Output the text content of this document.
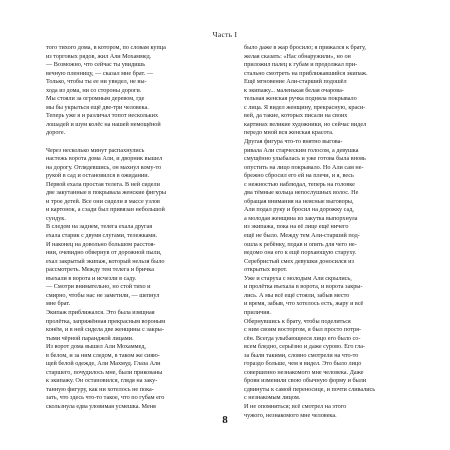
Часть I
того тихого дома, в котором, по словам купца
из торговых рядов, жил Али Мохаммед.
— Возможно, что сейчас ты увидишь
вечную пленницу, — сказал мне брат. —
Только, чтобы ты ее ни увидел, не вы-
хода из дома, ни со стороны дороги.
Мы стояли за огромным деревом, где
мы бы укрыться ещё две-три человека.
Теперь уже я и различал топот нескольких
лошадей и шум колёс на нашей немощёной
дороге.
Через несколько минут распахнулись
настежь ворота дома Али, и дворник вышел
на дорогу. Оглядевшись, он махнул кому-то
рукой в сад и остановился в ожидании.
Первой ехала простая телега. В ней сидели
две закутанные в покрывала женские фигуры
и трое детей. Все они сидели в массе узлов
и картонок, а сзади был привязан небольшой
сундук.
В следом на заднем, телега ехала другая
ехала старик с двумя слугами, тележками.
И наконец на довольно большом расстоя-
нии, очевидно обвернув от дорожной пыли,
ехал закрытый экипаж, который нельзя было
рассмотреть. Между тем телега и бричка
въехали в ворота и исчезли в саду.
— Смотри внимательно, но стой тихо и
смирно, чтобы нас не заметили, — шепнул
мне брат.
Экипаж приближался. Это была изящная
пролётка, запряжённая прекрасным вороным
конём, и в ней сидела две женщины с закры-
тыми чёрной паранджой лицами.
Из ворот дома вышел Али Мохаммед,
в белом, и за ним следом, в таком же сияю-
щей белой одежде, Али Махмуд. Глаза Али
старшего, почудилось мне, были прикованы
к экипажу. Он остановился, глядя на заку-
танную фигуру, как ни хотелось не пока-
зать, что здесь что-то такое, что по губам его
скользнула едва уловимая усмешка. Меня
было даже в жар бросило; я прижался к брату,
желая сказать: «Нас обнаружили», но он
приложил палец к губам и продолжал при-
стально смотреть на приближавшийся экипаж.
Ещё мгновение Али-старший подошёл
к экипажу... маленькая белая очарова-
тельная женская ручка подняла покрывало
с лица. Я видел женщину, прекрасную, краси-
вей, да такие, которых писали на своих
картинах великие художники, но сейчас видел
передо мной вся женская красота.
Другая фигура что-то внятно выгова-
ривала Али старческим голосом, а девушка
смущённо улыбалась и уже готова была вновь
опустить на лицо покрывало. Но Али сам не-
брежно сбросил его ей на плечи, и я, весь
с нежностью наблюдал, теперь на головке
два тёмные кольца непослушных волос. Не
обращая внимания на неясные выговоры,
Али подал руку и бросил на дорожку сад,
а молодая женщина из закутка выпорхнула
из экипажа, пока на её лице ещё ничего
ещё не было. Между тем Али-старший под-
ошла к ребёнку, подав и опять для чего не-
ведомо она его к ещё порхающую старуху.
Серебристый смех девушки доносился из
открытых ворот.
Уже и старуха с молодым Али скрылись,
и пролётка въехала в ворота, и ворота закры-
лись. А мы всё ещё стояли, забыв место
и время, забыв, что хотелось есть, жару и всё
приличия.
Обернувшись к брату, чтобы поделиться
с ним своим восторгом, я был просто потря-
сён. Всегда улыбающееся лицо его было со-
всем бледно, серьёзно и даже сурово. Его гла-
за были такими, словно смотрели на что-то
гораздо больше, чем я видел. Это было лицо
совершенно незнакомого мне человека. Даже
брови изменили свою обычную форму и были
сдвинуты к самой переносице, и почти сливались
с незнакомым лицом.
И не опомниться; всё смотрел на этого
чужого, незнакомого мне человека.
8
